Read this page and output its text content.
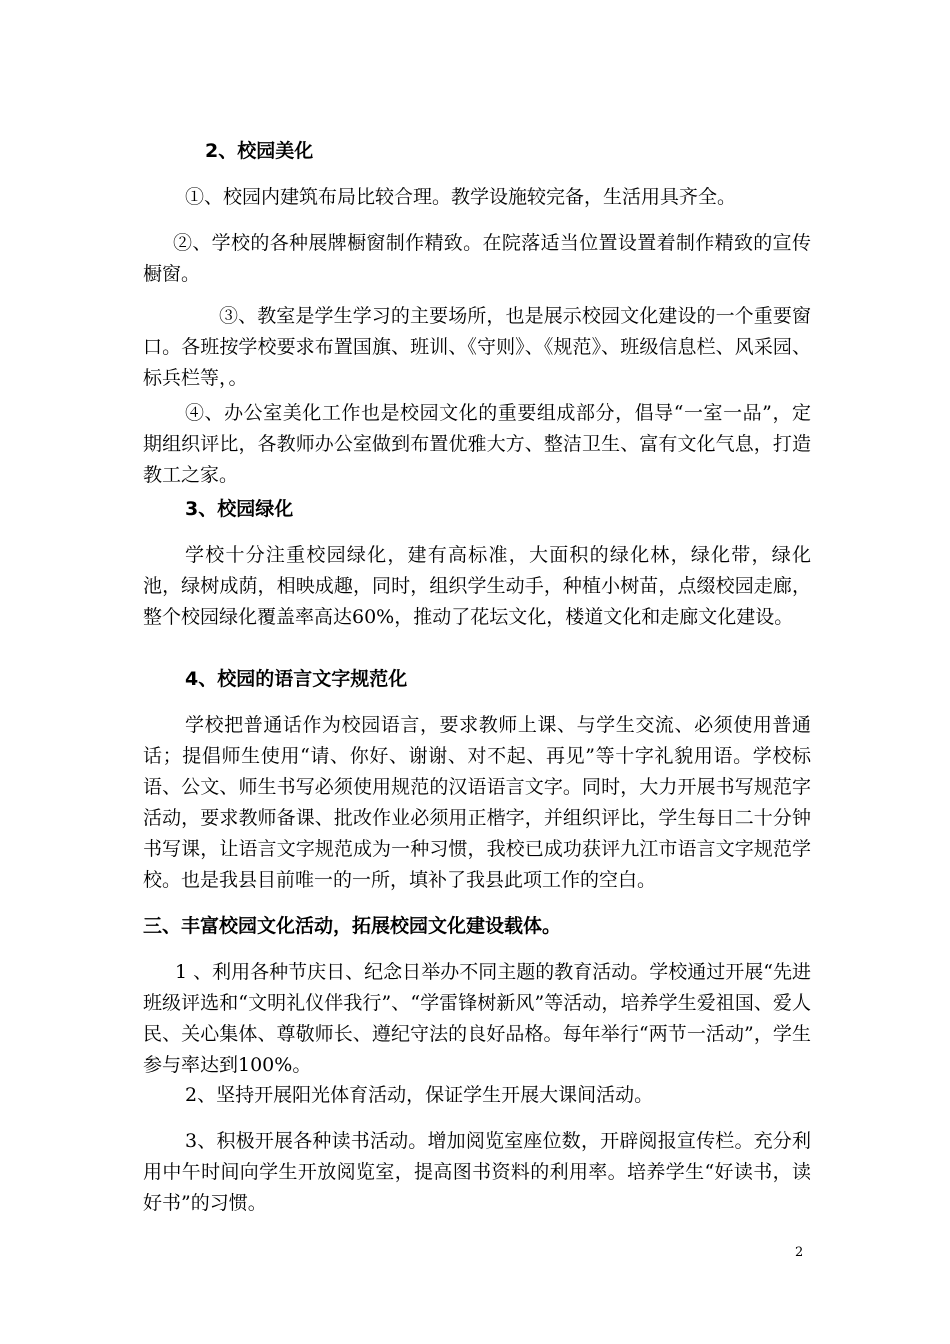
2、校园美化

①、校园内建筑布局比较合理。教学设施较完备，生活用具齐全。

②、学校的各种展牌橱窗制作精致。在院落适当位置设置着制作精致的宣传橱窗。

③、教室是学生学习的主要场所，也是展示校园文化建设的一个重要窗口。各班按学校要求布置国旗、班训、《守则》、《规范》、班级信息栏、风采园、标兵栏等，。

④、办公室美化工作也是校园文化的重要组成部分，倡导“一室一品”，定期组织评比，各教师办公室做到布置优雅大方、整洁卫生、富有文化气息，打造教工之家。

3、校园绿化

学校十分注重校园绿化，建有高标准，大面积的绿化林，绿化带，绿化池，绿树成荫，相映成趣，同时，组织学生动手，种植小树苗，点缀校园走廊，整个校园绿化覆盖率高达60%，推动了花坛文化，楼道文化和走廊文化建设。

4、校园的语言文字规范化

学校把普通话作为校园语言，要求教师上课、与学生交流、必须使用普通话；提倡师生使用“请、你好、谢谢、对不起、再见”等十字礼貌用语。学校标语、公文、师生书写必须使用规范的汉语语言文字。同时，大力开展书写规范字活动，要求教师备课、批改作业必须用正楷字，并组织评比，学生每日二十分钟书写课，让语言文字规范成为一种习惯，我校已成功获评九江市语言文字规范学校。也是我县目前唯一的一所，填补了我县此项工作的空白。

三、丰富校园文化活动，拓展校园文化建设载体。

1 、利用各种节庆日、纪念日举办不同主题的教育活动。学校通过开展“先进班级评选和“文明礼仪伴我行”、“学雷锋树新风”等活动，培养学生爱祖国、爱人民、关心集体、尊敬师长、遵纪守法的良好品格。每年举行“两节一活动”，学生参与率达到100%。

2、坚持开展阳光体育活动，保证学生开展大课间活动。

3、积极开展各种读书活动。增加阅览室座位数，开辟阅报宣传栏。充分利用中午时间向学生开放阅览室，提高图书资料的利用率。培养学生“好读书，读好书”的习惯。

2
